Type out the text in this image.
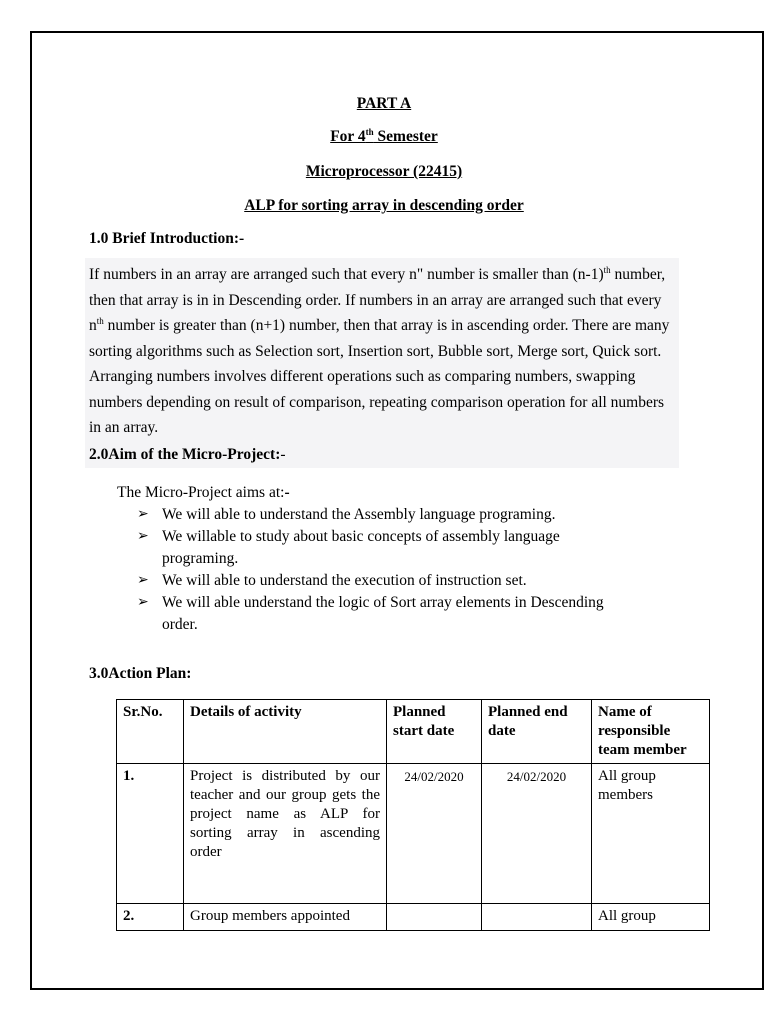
PART A
For 4th Semester
Microprocessor (22415)
ALP for sorting array in descending order
1.0 Brief Introduction:-
If numbers in an array are arranged such that every n" number is smaller than $(n-1)^{th}$ number, then that array is in in Descending order. If numbers in an array are arranged such that every $n^{th}$ number is greater than (n+1) number, then that array is in ascending order. There are many sorting algorithms such as Selection sort, Insertion sort, Bubble sort, Merge sort, Quick sort. Arranging numbers involves different operations such as comparing numbers, swapping numbers depending on result of comparison, repeating comparison operation for all numbers in an array.
2.0Aim of the Micro-Project:-
The Micro-Project aims at:-
➢ We will able to understand the Assembly language programing.
➢ We willable to study about basic concepts of assembly language programing.
➢ We will able to understand the execution of instruction set.
➢ We will able understand the logic of Sort array elements in Descending order.
3.0Action Plan:
Sr.No.	Details of activity	Planned start date	Planned end date	Name of responsible team member
1.	Project is distributed by our teacher and our group gets the project name as ALP for sorting array in ascending order	24/02/2020	24/02/2020	All group members
2.	Group members appointed			All group
